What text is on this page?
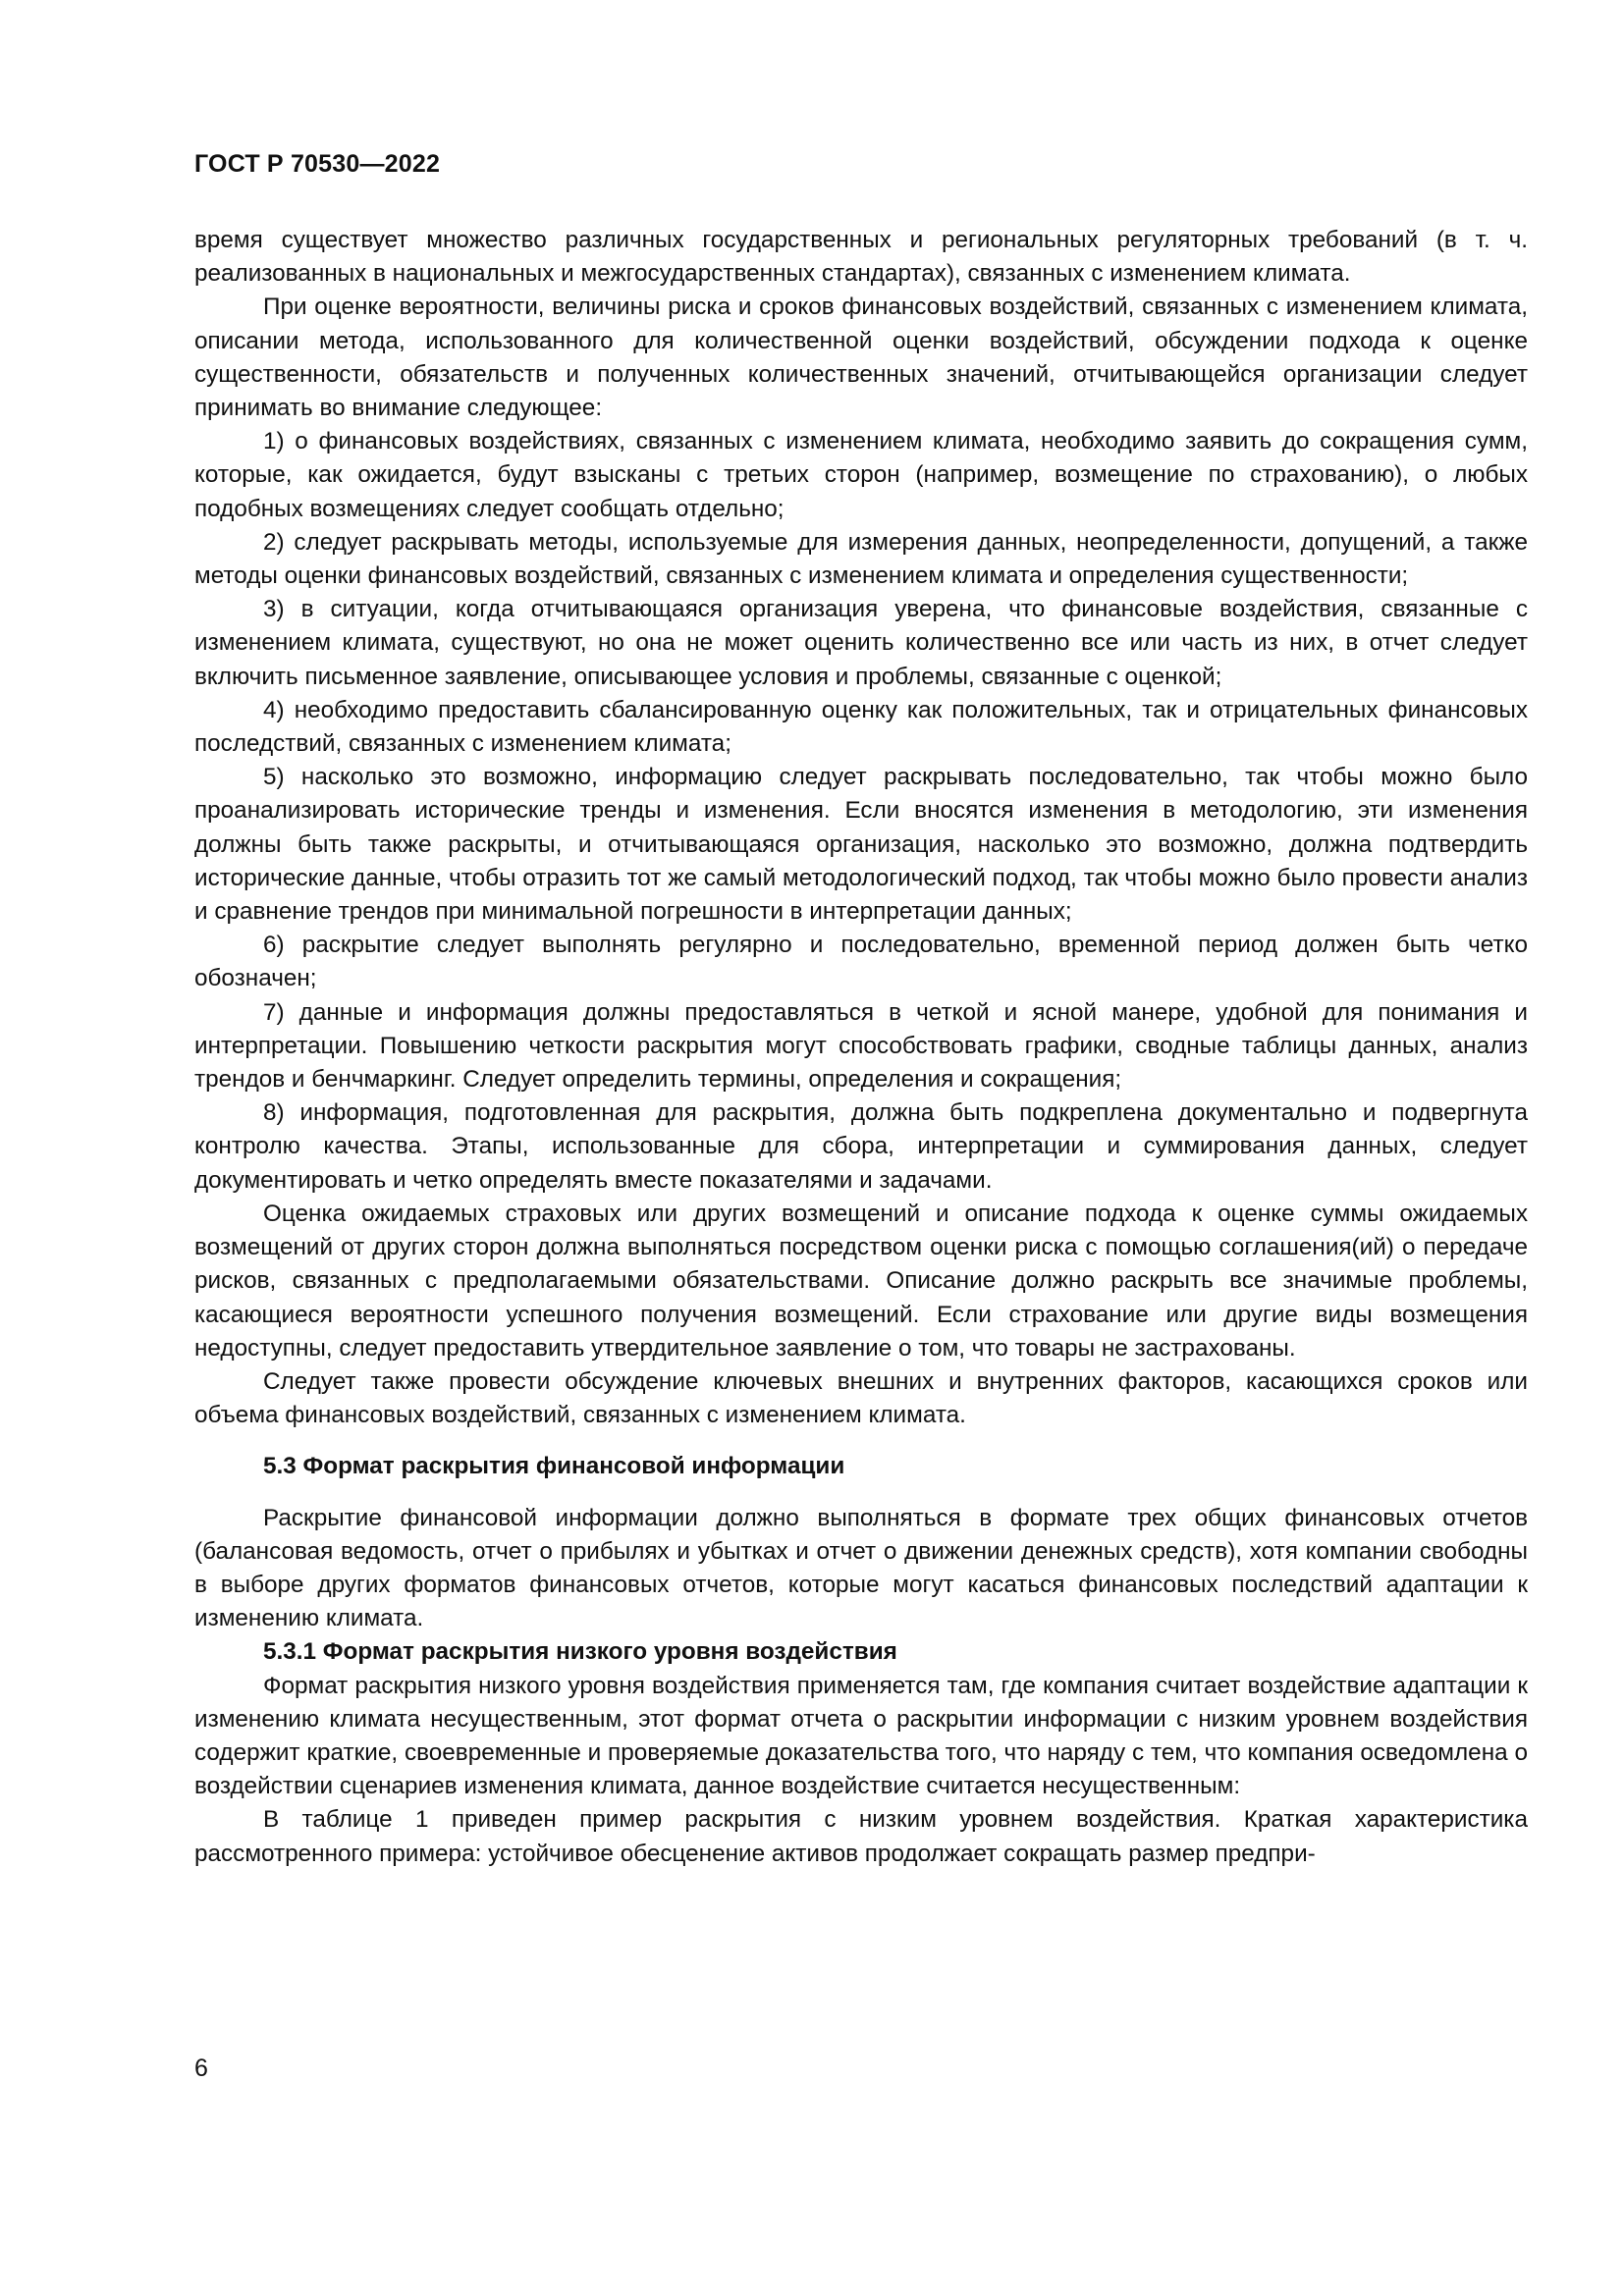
ГОСТ Р 70530—2022

время существует множество различных государственных и региональных регуляторных требований (в т. ч. реализованных в национальных и межгосударственных стандартах), связанных с изменением климата.

При оценке вероятности, величины риска и сроков финансовых воздействий, связанных с изменением климата, описании метода, использованного для количественной оценки воздействий, обсуждении подхода к оценке существенности, обязательств и полученных количественных значений, отчитывающейся организации следует принимать во внимание следующее:

1) о финансовых воздействиях, связанных с изменением климата, необходимо заявить до сокращения сумм, которые, как ожидается, будут взысканы с третьих сторон (например, возмещение по страхованию), о любых подобных возмещениях следует сообщать отдельно;

2) следует раскрывать методы, используемые для измерения данных, неопределенности, допущений, а также методы оценки финансовых воздействий, связанных с изменением климата и определения существенности;

3) в ситуации, когда отчитывающаяся организация уверена, что финансовые воздействия, связанные с изменением климата, существуют, но она не может оценить количественно все или часть из них, в отчет следует включить письменное заявление, описывающее условия и проблемы, связанные с оценкой;

4) необходимо предоставить сбалансированную оценку как положительных, так и отрицательных финансовых последствий, связанных с изменением климата;

5) насколько это возможно, информацию следует раскрывать последовательно, так чтобы можно было проанализировать исторические тренды и изменения. Если вносятся изменения в методологию, эти изменения должны быть также раскрыты, и отчитывающаяся организация, насколько это возможно, должна подтвердить исторические данные, чтобы отразить тот же самый методологический подход, так чтобы можно было провести анализ и сравнение трендов при минимальной погрешности в интерпретации данных;

6) раскрытие следует выполнять регулярно и последовательно, временной период должен быть четко обозначен;

7) данные и информация должны предоставляться в четкой и ясной манере, удобной для понимания и интерпретации. Повышению четкости раскрытия могут способствовать графики, сводные таблицы данных, анализ трендов и бенчмаркинг. Следует определить термины, определения и сокращения;

8) информация, подготовленная для раскрытия, должна быть подкреплена документально и подвергнута контролю качества. Этапы, использованные для сбора, интерпретации и суммирования данных, следует документировать и четко определять вместе показателями и задачами.

Оценка ожидаемых страховых или других возмещений и описание подхода к оценке суммы ожидаемых возмещений от других сторон должна выполняться посредством оценки риска с помощью соглашения(ий) о передаче рисков, связанных с предполагаемыми обязательствами. Описание должно раскрыть все значимые проблемы, касающиеся вероятности успешного получения возмещений. Если страхование или другие виды возмещения недоступны, следует предоставить утвердительное заявление о том, что товары не застрахованы.

Следует также провести обсуждение ключевых внешних и внутренних факторов, касающихся сроков или объема финансовых воздействий, связанных с изменением климата.

5.3 Формат раскрытия финансовой информации

Раскрытие финансовой информации должно выполняться в формате трех общих финансовых отчетов (балансовая ведомость, отчет о прибылях и убытках и отчет о движении денежных средств), хотя компании свободны в выборе других форматов финансовых отчетов, которые могут касаться финансовых последствий адаптации к изменению климата.

5.3.1 Формат раскрытия низкого уровня воздействия

Формат раскрытия низкого уровня воздействия применяется там, где компания считает воздействие адаптации к изменению климата несущественным, этот формат отчета о раскрытии информации с низким уровнем воздействия содержит краткие, своевременные и проверяемые доказательства того, что наряду с тем, что компания осведомлена о воздействии сценариев изменения климата, данное воздействие считается несущественным:

В таблице 1 приведен пример раскрытия с низким уровнем воздействия. Краткая характеристика рассмотренного примера: устойчивое обесценение активов продолжает сокращать размер предпри-

6
